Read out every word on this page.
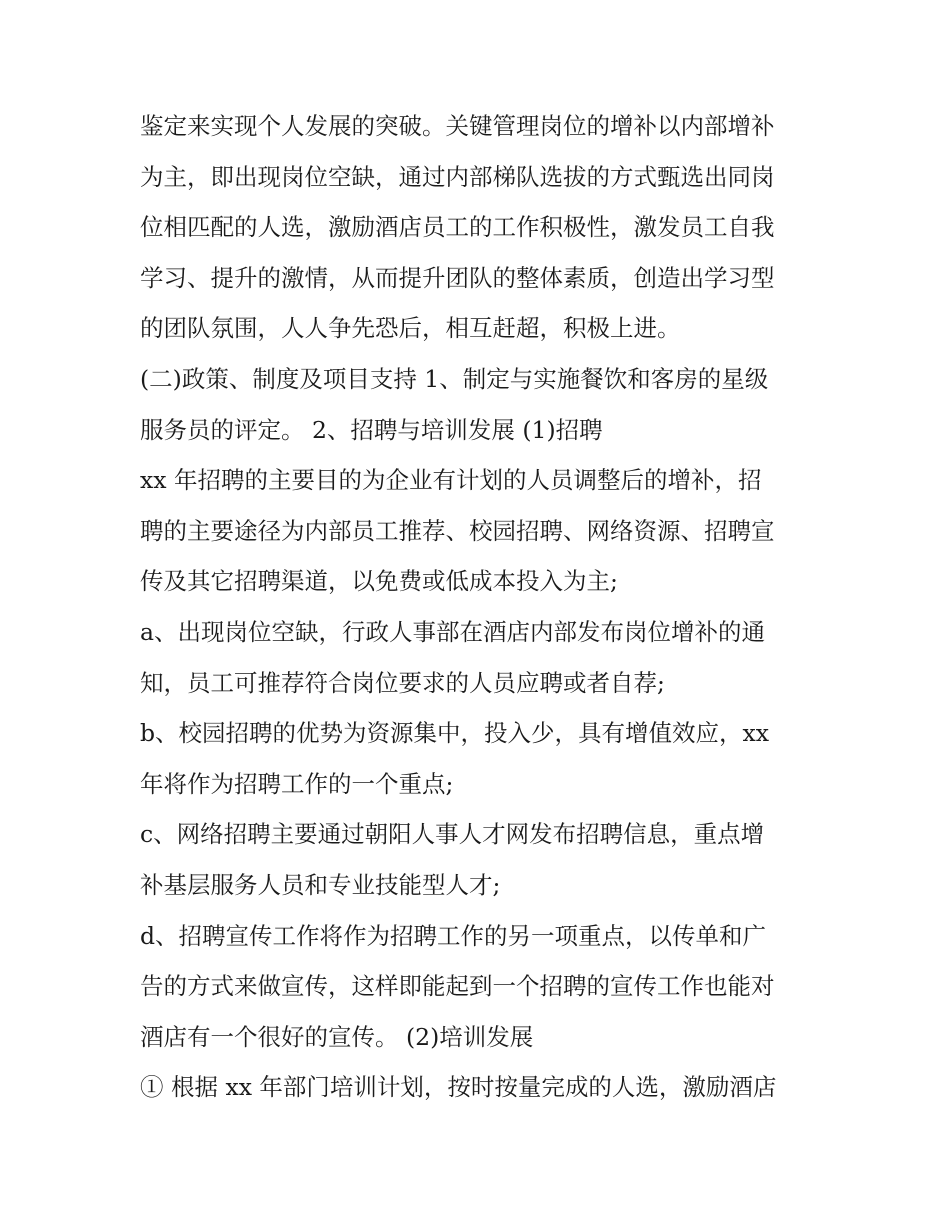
鉴定来实现个人发展的突破。关键管理岗位的增补以内部增补
为主，即出现岗位空缺，通过内部梯队选拔的方式甄选出同岗
位相匹配的人选，激励酒店员工的工作积极性，激发员工自我
学习、提升的激情，从而提升团队的整体素质，创造出学习型
的团队氛围，人人争先恐后，相互赶超，积极上进。
(二)政策、制度及项目支持 1、制定与实施餐饮和客房的星级
服务员的评定。 2、招聘与培训发展 (1)招聘
xx 年招聘的主要目的为企业有计划的人员调整后的增补，招
聘的主要途径为内部员工推荐、校园招聘、网络资源、招聘宣
传及其它招聘渠道，以免费或低成本投入为主;
a、出现岗位空缺，行政人事部在酒店内部发布岗位增补的通
知，员工可推荐符合岗位要求的人员应聘或者自荐;
b、校园招聘的优势为资源集中，投入少，具有增值效应，xx
年将作为招聘工作的一个重点;
c、网络招聘主要通过朝阳人事人才网发布招聘信息，重点增
补基层服务人员和专业技能型人才;
d、招聘宣传工作将作为招聘工作的另一项重点，以传单和广
告的方式来做宣传，这样即能起到一个招聘的宣传工作也能对
酒店有一个很好的宣传。 (2)培训发展
① 根据 xx 年部门培训计划，按时按量完成的人选，激励酒店
